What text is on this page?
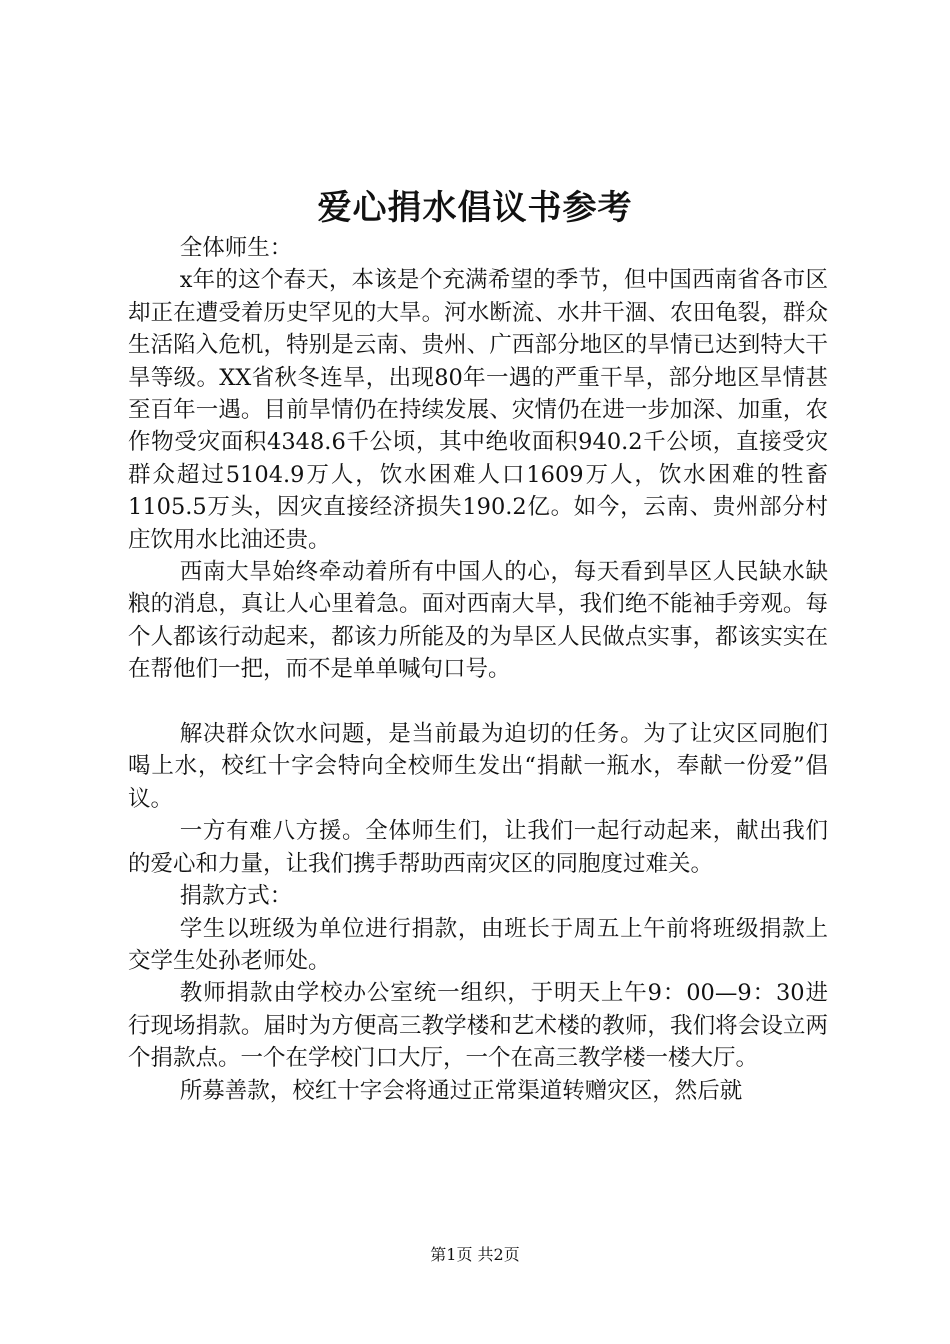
爱心捐水倡议书参考

全体师生：

x年的这个春天，本该是个充满希望的季节，但中国西南省各市区却正在遭受着历史罕见的大旱。河水断流、水井干涸、农田龟裂，群众生活陷入危机，特别是云南、贵州、广西部分地区的旱情已达到特大干旱等级。XX省秋冬连旱，出现80年一遇的严重干旱，部分地区旱情甚至百年一遇。目前旱情仍在持续发展、灾情仍在进一步加深、加重，农作物受灾面积4348.6千公顷，其中绝收面积940.2千公顷，直接受灾群众超过5104.9万人，饮水困难人口1609万人，饮水困难的牲畜1105.5万头，因灾直接经济损失190.2亿。如今，云南、贵州部分村庄饮用水比油还贵。

西南大旱始终牵动着所有中国人的心，每天看到旱区人民缺水缺粮的消息，真让人心里着急。面对西南大旱，我们绝不能袖手旁观。每个人都该行动起来，都该力所能及的为旱区人民做点实事，都该实实在在帮他们一把，而不是单单喊句口号。

解决群众饮水问题，是当前最为迫切的任务。为了让灾区同胞们喝上水，校红十字会特向全校师生发出“捐献一瓶水，奉献一份爱”倡议。

一方有难八方援。全体师生们，让我们一起行动起来，献出我们的爱心和力量，让我们携手帮助西南灾区的同胞度过难关。

捐款方式：

学生以班级为单位进行捐款，由班长于周五上午前将班级捐款上交学生处孙老师处。

教师捐款由学校办公室统一组织，于明天上午9：00—9：30进行现场捐款。届时为方便高三教学楼和艺术楼的教师，我们将会设立两个捐款点。一个在学校门口大厅，一个在高三教学楼一楼大厅。

所募善款，校红十字会将通过正常渠道转赠灾区，然后就

第1页 共2页
